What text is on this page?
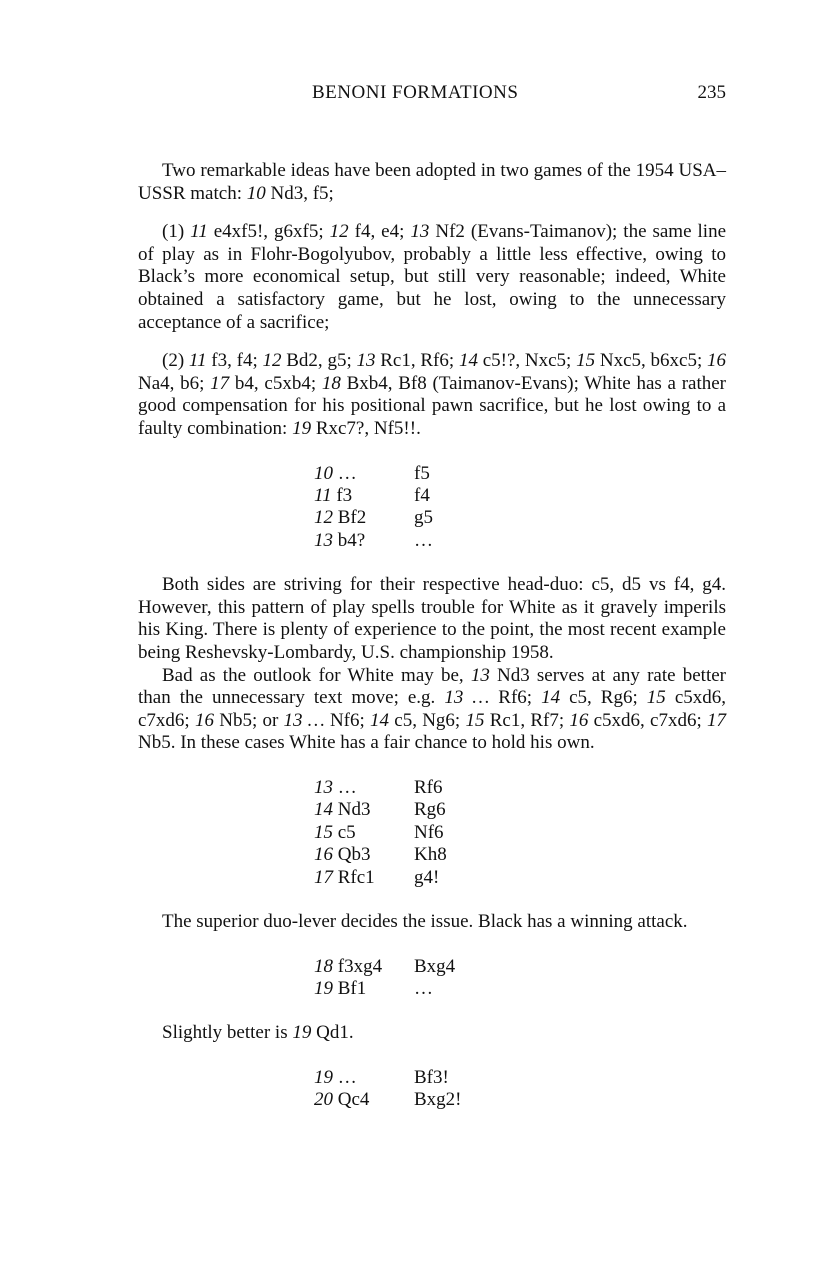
BENONI FORMATIONS	235

Two remarkable ideas have been adopted in two games of the 1954 USA–USSR match: 10 Nd3, f5;

(1) 11 e4xf5!, g6xf5; 12 f4, e4; 13 Nf2 (Evans-Taimanov); the same line of play as in Flohr-Bogolyubov, probably a little less effective, owing to Black’s more economical setup, but still very reasonable; indeed, White obtained a satisfactory game, but he lost, owing to the unnecessary acceptance of a sacrifice;

(2) 11 f3, f4; 12 Bd2, g5; 13 Rc1, Rf6; 14 c5!?, Nxc5; 15 Nxc5, b6xc5; 16 Na4, b6; 17 b4, c5xb4; 18 Bxb4, Bf8 (Taimanov-Evans); White has a rather good compensation for his positional pawn sacrifice, but he lost owing to a faulty combination: 19 Rxc7?, Nf5!!.

10 …	f5
11 f3	f4
12 Bf2	g5
13 b4?	…

Both sides are striving for their respective head-duo: c5, d5 vs f4, g4. However, this pattern of play spells trouble for White as it gravely imperils his King. There is plenty of experience to the point, the most recent example being Reshevsky-Lombardy, U.S. championship 1958.

Bad as the outlook for White may be, 13 Nd3 serves at any rate better than the unnecessary text move; e.g. 13 … Rf6; 14 c5, Rg6; 15 c5xd6, c7xd6; 16 Nb5; or 13 … Nf6; 14 c5, Ng6; 15 Rc1, Rf7; 16 c5xd6, c7xd6; 17 Nb5. In these cases White has a fair chance to hold his own.

13 …	Rf6
14 Nd3	Rg6
15 c5	Nf6
16 Qb3	Kh8
17 Rfc1	g4!

The superior duo-lever decides the issue. Black has a winning attack.

18 f3xg4	Bxg4
19 Bf1	…

Slightly better is 19 Qd1.

19 …	Bf3!
20 Qc4	Bxg2!
